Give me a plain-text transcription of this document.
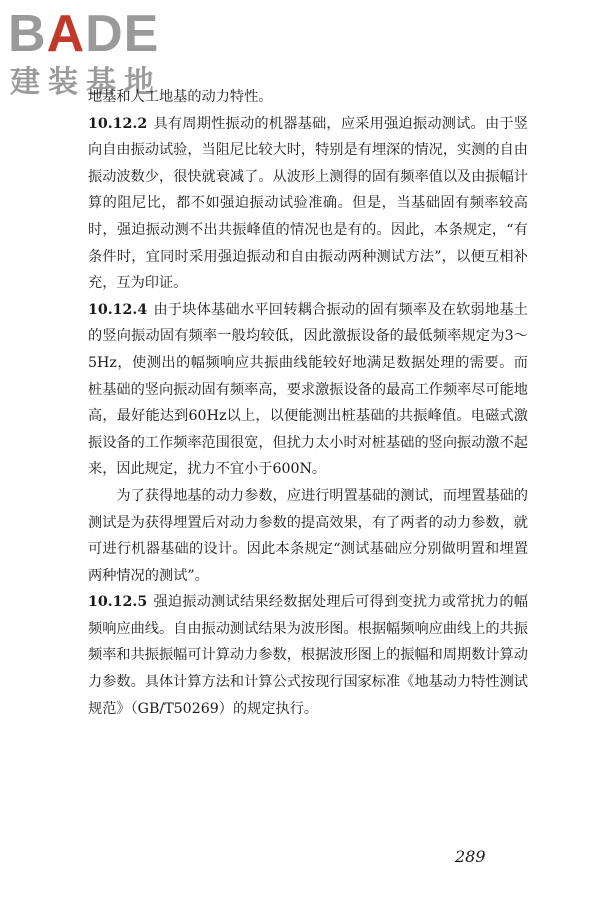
BADE
建装基地

地基和人工地基的动力特性。

10.12.2 具有周期性振动的机器基础，应采用强迫振动测试。由于竖向自由振动试验，当阻尼比较大时，特别是有埋深的情况，实测的自由振动波数少，很快就衰减了。从波形上测得的固有频率值以及由振幅计算的阻尼比，都不如强迫振动试验准确。但是，当基础固有频率较高时，强迫振动测不出共振峰值的情况也是有的。因此，本条规定，“有条件时，宜同时采用强迫振动和自由振动两种测试方法”，以便互相补充，互为印证。

10.12.4 由于块体基础水平回转耦合振动的固有频率及在软弱地基土的竖向振动固有频率一般均较低，因此激振设备的最低频率规定为3～5Hz，使测出的幅频响应共振曲线能较好地满足数据处理的需要。而桩基础的竖向振动固有频率高，要求激振设备的最高工作频率尽可能地高，最好能达到60Hz以上，以便能测出桩基础的共振峰值。电磁式激振设备的工作频率范围很宽，但扰力太小时对桩基础的竖向振动激不起来，因此规定，扰力不宜小于600N。

为了获得地基的动力参数，应进行明置基础的测试，而埋置基础的测试是为获得埋置后对动力参数的提高效果，有了两者的动力参数，就可进行机器基础的设计。因此本条规定“测试基础应分别做明置和埋置两种情况的测试”。

10.12.5 强迫振动测试结果经数据处理后可得到变扰力或常扰力的幅频响应曲线。自由振动测试结果为波形图。根据幅频响应曲线上的共振频率和共振振幅可计算动力参数，根据波形图上的振幅和周期数计算动力参数。具体计算方法和计算公式按现行国家标准《地基动力特性测试规范》（GB/T50269）的规定执行。

289
